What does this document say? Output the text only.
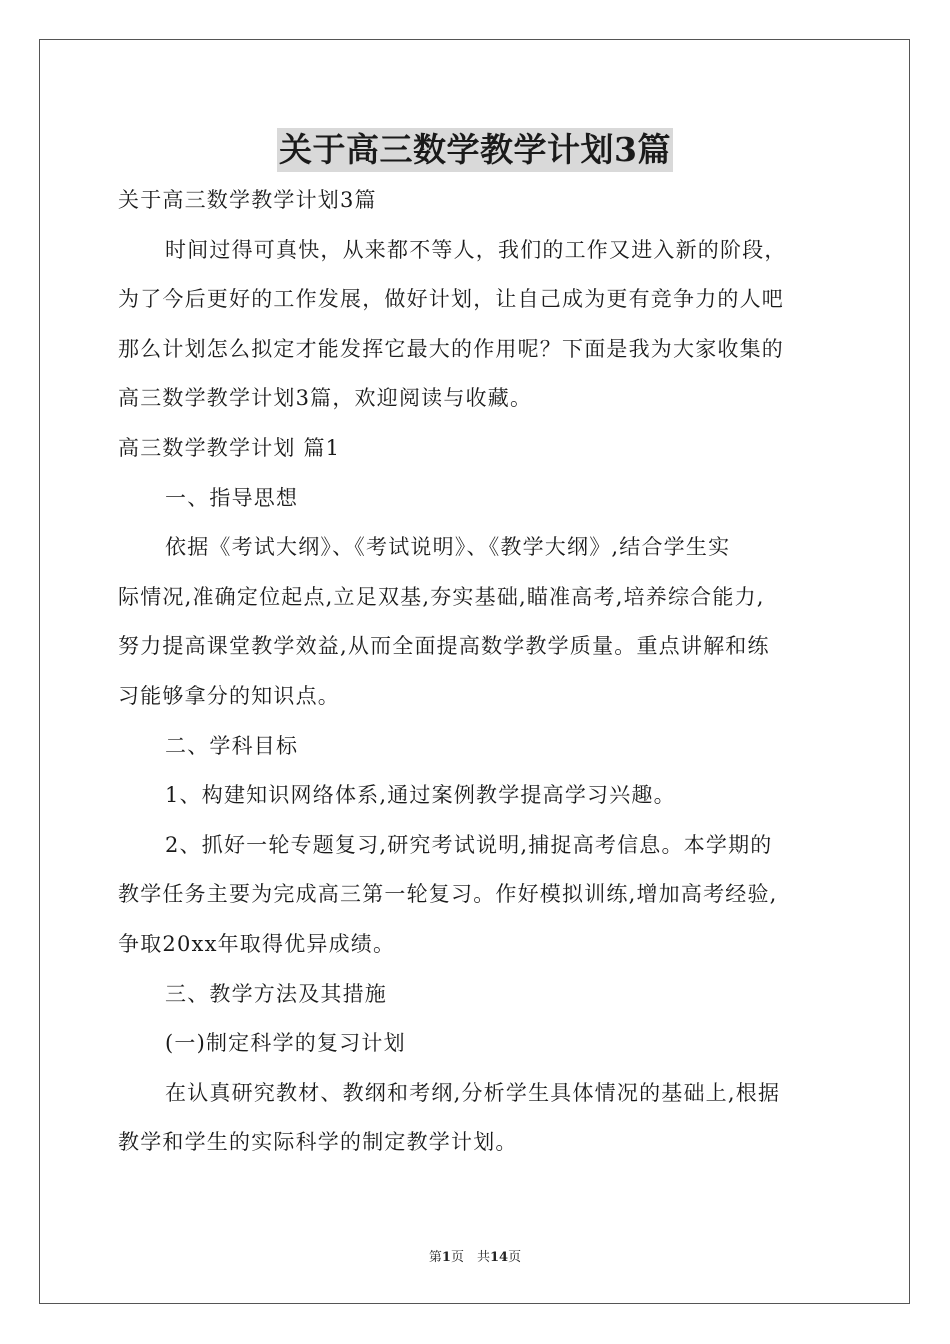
关于高三数学教学计划3篇
关于高三数学教学计划3篇
时间过得可真快，从来都不等人，我们的工作又进入新的阶段，
为了今后更好的工作发展，做好计划，让自己成为更有竞争力的人吧
那么计划怎么拟定才能发挥它最大的作用呢？下面是我为大家收集的
高三数学教学计划3篇，欢迎阅读与收藏。
高三数学教学计划 篇1
一、指导思想
依据《考试大纲》、《考试说明》、《教学大纲》,结合学生实
际情况,准确定位起点,立足双基,夯实基础,瞄准高考,培养综合能力,
努力提高课堂教学效益,从而全面提高数学教学质量。重点讲解和练
习能够拿分的知识点。
二、学科目标
1、构建知识网络体系,通过案例教学提高学习兴趣。
2、抓好一轮专题复习,研究考试说明,捕捉高考信息。本学期的
教学任务主要为完成高三第一轮复习。作好模拟训练,增加高考经验,
争取20xx年取得优异成绩。
三、教学方法及其措施
(一)制定科学的复习计划
在认真研究教材、教纲和考纲,分析学生具体情况的基础上,根据
教学和学生的实际科学的制定教学计划。
第1页　共14页
